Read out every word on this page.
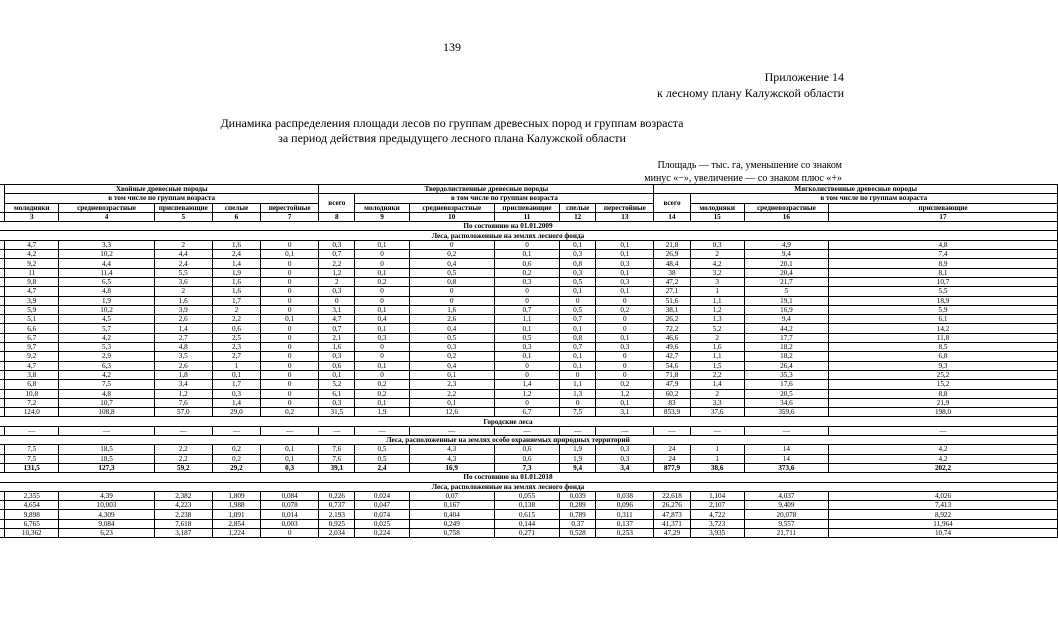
139
Приложение 14
к лесному плану Калужской области
Динамика распределения площади лесов по группам древесных пород и группам возраста
за период действия предыдущего лесного плана Калужской области
Площадь — тыс. га, уменьшение со знаком
минус «−», увеличение — со знаком плюс «+»
		Хвойные древесные породы					Твердолиственные древесные породы						Мягколиственные древесные породы			
		в том числе по группам возраста					всего	в том числе по группам возраста					всего	в том числе по группам возраста		
		молодняки	средневозрастные	приспевающие	спелые	перестойные		молодняки	средневозрастные	приспевающие	спелые	перестойные		молодняки	средневозрастные	приспевающие
		3	4	5	6	7	8	9	10	11	12	13	14	15	16	17
По состоянию на 01.01.2009																
Леса, расположенные на землях лесного фонда																
		4,7	3,3	2	1,6	0	0,3	0,1	0	0	0,1	0,1	21,8	0,3	4,9	4,8
		4,2	10,2	4,4	2,4	0,1	0,7	0	0,2	0,1	0,3	0,1	26,9	2	9,4	7,4
		9,2	4,4	2,4	1,4	0	2,2	0	0,4	0,6	0,8	0,3	48,4	4,2	20,1	8,9
		11	11,4	5,5	1,9	0	1,2	0,1	0,5	0,2	0,3	0,1	38	3,2	20,4	8,1
		9,8	6,5	3,6	1,6	0	2	0,2	0,8	0,3	0,5	0,3	47,2	3	21,7	10,7
		4,7	4,8	2	1,6	0	0,3	0	0	0	0,1	0,1	27,1	1	5	5,5
		3,9	1,9	1,6	1,7	0	0	0	0	0	0	0	51,6	1,1	19,1	18,9
		5,9	10,2	3,9	2	0	3,1	0,1	1,6	0,7	0,5	0,2	38,1	1,2	16,9	5,9
		5,1	4,5	2,6	2,2	0,1	4,7	0,4	2,6	1,1	0,7	0	26,2	1,3	9,4	6,1
		6,6	5,7	1,4	0,6	0	0,7	0,1	0,4	0,1	0,1	0	72,2	5,2	44,2	14,2
		6,7	4,2	2,7	2,5	0	2,1	0,3	0,5	0,5	0,8	0,1	46,6	2	17,7	11,8
		9,7	5,3	4,8	2,3	0	1,6	0	0,3	0,3	0,7	0,3	49,6	1,6	18,2	8,5
		9,2	2,9	3,5	2,7	0	0,3	0	0,2	0,1	0,1	0	42,7	1,1	18,2	6,8
		4,7	6,3	2,6	1	0	0,6	0,1	0,4	0	0,1	0	54,6	1,5	26,4	9,3
		3,8	4,2	1,8	0,1	0	0,1	0	0,1	0	0	0	71,8	2,2	35,3	25,2
		6,8	7,5	3,4	1,7	0	5,2	0,2	2,3	1,4	1,1	0,2	47,9	1,4	17,6	15,2
		10,8	4,8	1,2	0,3	0	6,1	0,2	2,2	1,2	1,3	1,2	60,2	2	20,5	8,8
		7,2	10,7	7,6	1,4	0	0,3	0,1	0,1	0	0	0,1	83	3,3	34,6	21,9
		124,0	108,8	57,0	29,0	0,2	31,5	1,9	12,6	6,7	7,5	3,1	853,9	37,6	359,6	198,0
Городские леса																
		—	—	—	—	—	—	—	—	—	—	—	—	—	—	—
Леса, расположенные на землях особо охраняемых природных территорий																
		7,5	18,5	2,2	0,2	0,1	7,6	0,5	4,3	0,6	1,9	0,3	24	1	14	4,2
		7,5	18,5	2,2	0,2	0,1	7,6	0,5	4,3	0,6	1,9	0,3	24	1	14	4,2
		131,5	127,3	59,2	29,2	0,3	39,1	2,4	16,9	7,3	9,4	3,4	877,9	38,6	373,6	202,2
По состоянию на 01.01.2018																
Леса, расположенные на землях лесного фонда																
		2,355	4,39	2,382	1,809	0,084	0,226	0,024	0,07	0,055	0,039	0,038	22,618	1,104	4,037	4,026
		4,654	10,003	4,223	1,988	0,078	0,737	0,047	0,167	0,138	0,289	0,096	26,276	2,107	9,409	7,413
		9,898	4,309	2,238	1,091	0,014	2,193	0,074	0,404	0,615	0,789	0,311	47,873	4,722	20,078	8,922
		6,765	9,084	7,618	2,854	0,003	0,925	0,025	0,249	0,144	0,37	0,137	41,371	3,723	9,557	11,964
		10,362	6,23	3,187	1,224	0	2,034	0,224	0,758	0,271	0,528	0,253	47,29	3,935	21,711	10,74
